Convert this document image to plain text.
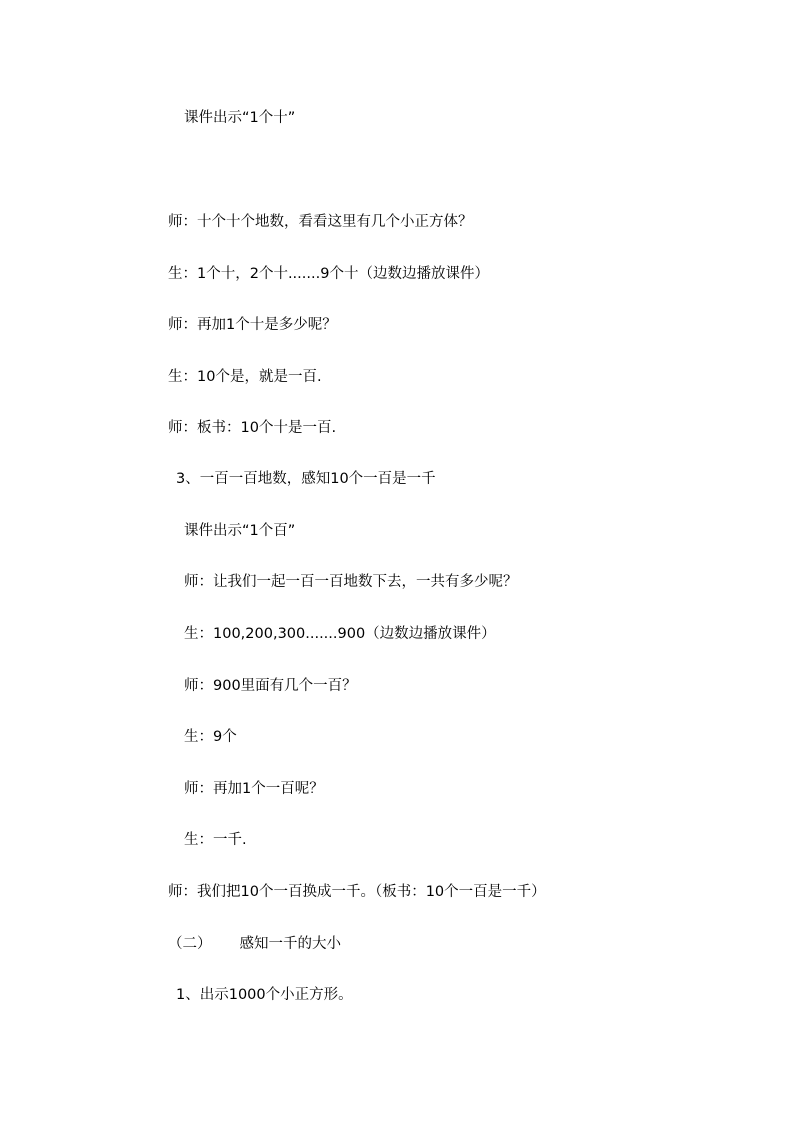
课件出示“1个十”

师：十个十个地数，看看这里有几个小正方体？

生：1个十，2个十.......9个十（边数边播放课件）

师：再加1个十是多少呢？

生：10个是，就是一百.

师：板书：10个十是一百.

3、一百一百地数，感知10个一百是一千

课件出示“1个百”

师：让我们一起一百一百地数下去，一共有多少呢？

生：100,200,300.......900（边数边播放课件）

师：900里面有几个一百？

生：9个

师：再加1个一百呢？

生：一千.

师：我们把10个一百换成一千。（板书：10个一百是一千）

（二） 感知一千的大小

1、出示1000个小正方形。
